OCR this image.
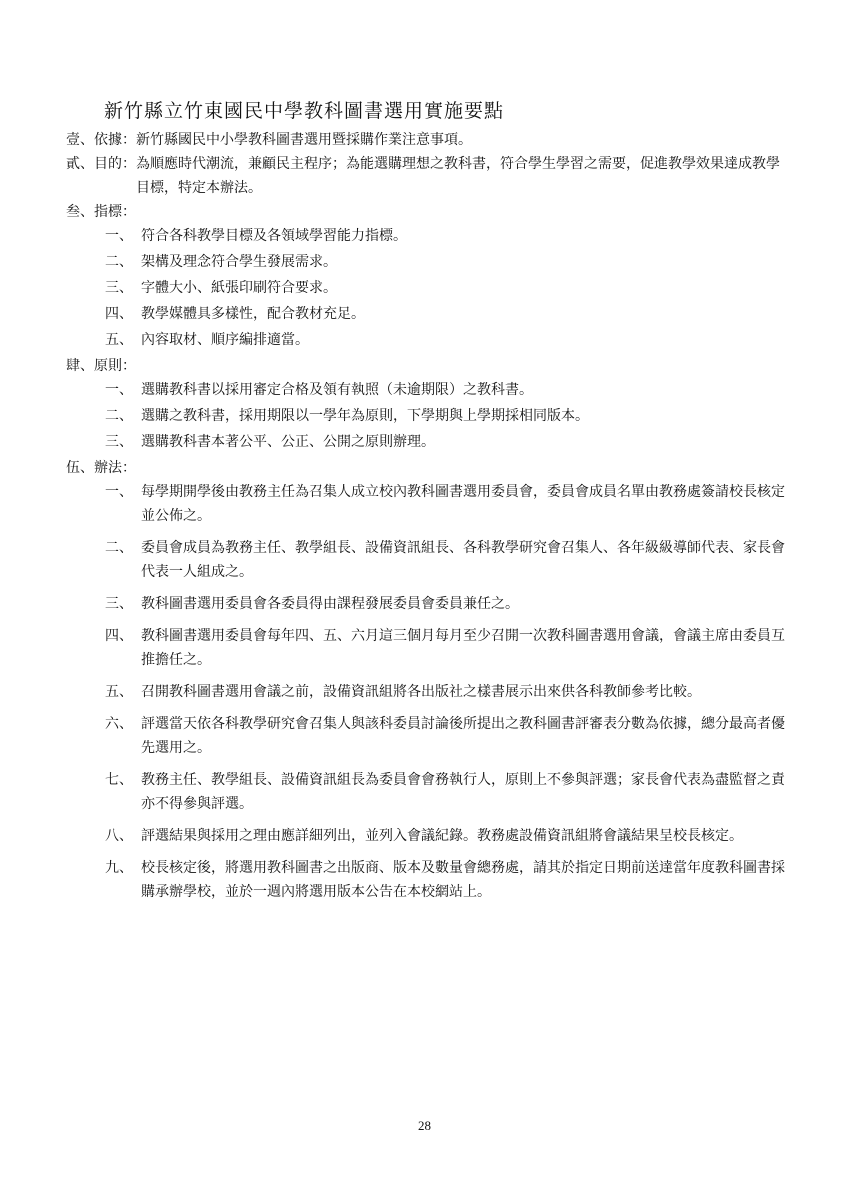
新竹縣立竹東國民中學教科圖書選用實施要點
壹、依據：新竹縣國民中小學教科圖書選用暨採購作業注意事項。
貳、目的： 為順應時代潮流，兼顧民主程序；為能選購理想之教科書，符合學生學習之需要，促進教學效果達成教學目標，特定本辦法。
叁、指標：
一、 符合各科教學目標及各領域學習能力指標。
二、 架構及理念符合學生發展需求。
三、 字體大小、紙張印刷符合要求。
四、 教學媒體具多樣性，配合教材充足。
五、 內容取材、順序編排適當。
肆、原則：
一、 選購教科書以採用審定合格及領有執照（未逾期限）之教科書。
二、 選購之教科書，採用期限以一學年為原則，下學期與上學期採相同版本。
三、 選購教科書本著公平、公正、公開之原則辦理。
伍、辦法：
一、 每學期開學後由教務主任為召集人成立校內教科圖書選用委員會，委員會成員名單由教務處簽請校長核定並公佈之。
二、 委員會成員為教務主任、教學組長、設備資訊組長、各科教學研究會召集人、各年級級導師代表、家長會代表一人組成之。
三、 教科圖書選用委員會各委員得由課程發展委員會委員兼任之。
四、 教科圖書選用委員會每年四、五、六月這三個月每月至少召開一次教科圖書選用會議，會議主席由委員互推擔任之。
五、 召開教科圖書選用會議之前，設備資訊組將各出版社之樣書展示出來供各科教師參考比較。
六、 評選當天依各科教學研究會召集人與該科委員討論後所提出之教科圖書評審表分數為依據，總分最高者優先選用之。
七、 教務主任、教學組長、設備資訊組長為委員會會務執行人，原則上不參與評選；家長會代表為盡監督之責亦不得參與評選。
八、 評選結果與採用之理由應詳細列出，並列入會議紀錄。教務處設備資訊組將會議結果呈校長核定。
九、 校長核定後，將選用教科圖書之出版商、版本及數量會總務處，請其於指定日期前送達當年度教科圖書採購承辦學校，並於一週內將選用版本公告在本校網站上。
28
